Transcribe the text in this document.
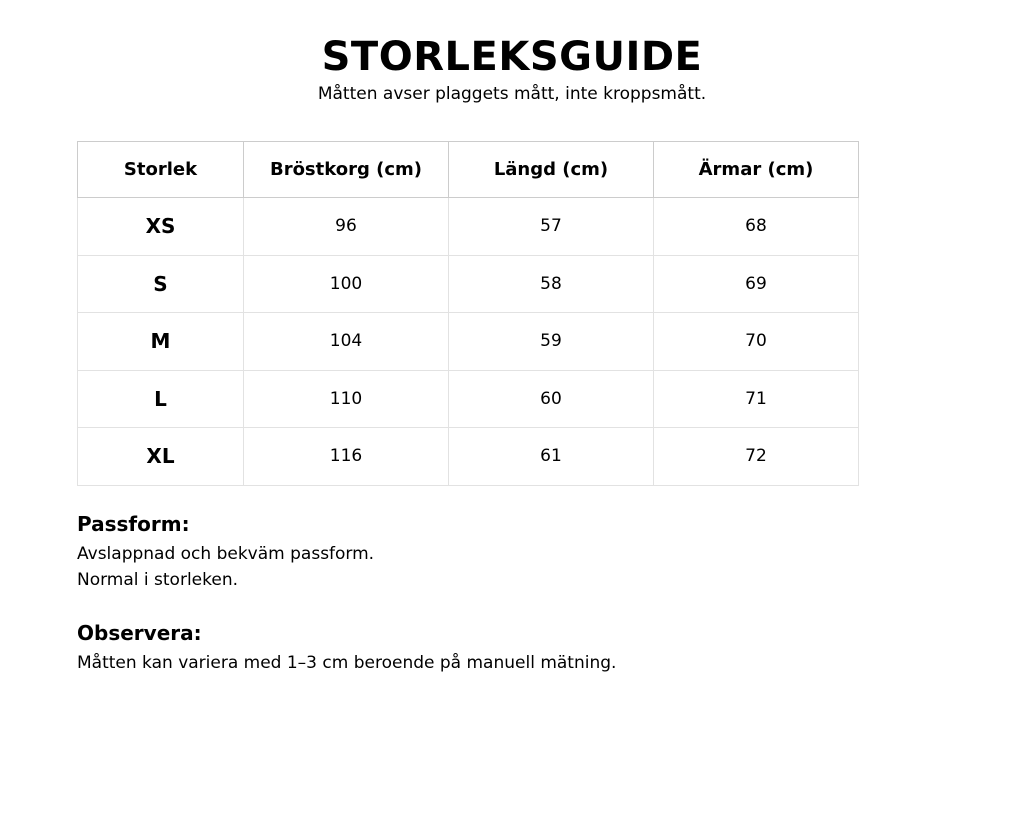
STORLEKSGUIDE
Måtten avser plaggets mått, inte kroppsmått.
Storlek	Bröstkorg (cm)	Längd (cm)	Ärmar (cm)
XS	96	57	68
S	100	58	69
M	104	59	70
L	110	60	71
XL	116	61	72
Passform:
Avslappnad och bekväm passform.
Normal i storleken.
Observera:
Måtten kan variera med 1–3 cm beroende på manuell mätning.
